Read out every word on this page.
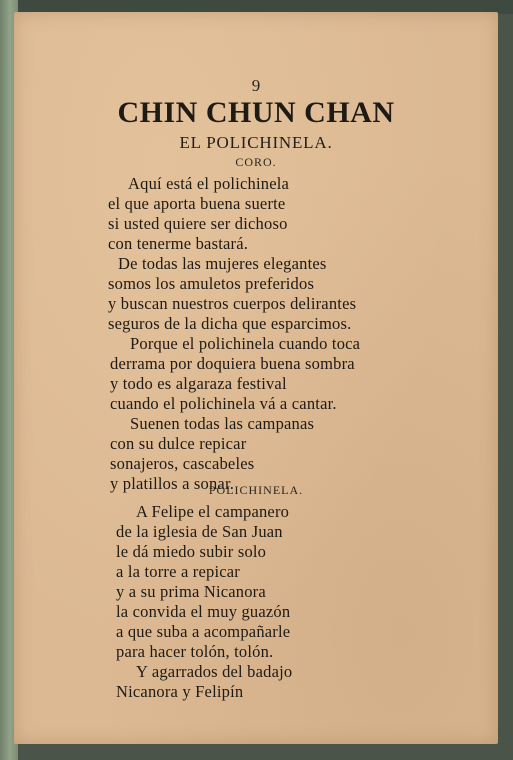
9
CHIN CHUN CHAN
EL POLICHINELA.
CORO.
Aquí está el polichinela
el que aporta buena suerte
si usted quiere ser dichoso
con tenerme bastará.
De todas las mujeres elegantes
somos los amuletos preferidos
y buscan nuestros cuerpos delirantes
seguros de la dicha que esparcimos.
Porque el polichinela cuando toca
derrama por doquiera buena sombra
y todo es algaraza festival
cuando el polichinela vá a cantar.
Suenen todas las campanas
con su dulce repicar
sonajeros, cascabeles
y platillos a sonar.
POLICHINELA.
A Felipe el campanero
de la iglesia de San Juan
le dá miedo subir solo
a la torre a repicar
y a su prima Nicanora
la convida el muy guazón
a que suba a acompañarle
para hacer tolón, tolón.
Y agarrados del badajo
Nicanora y Felipín
